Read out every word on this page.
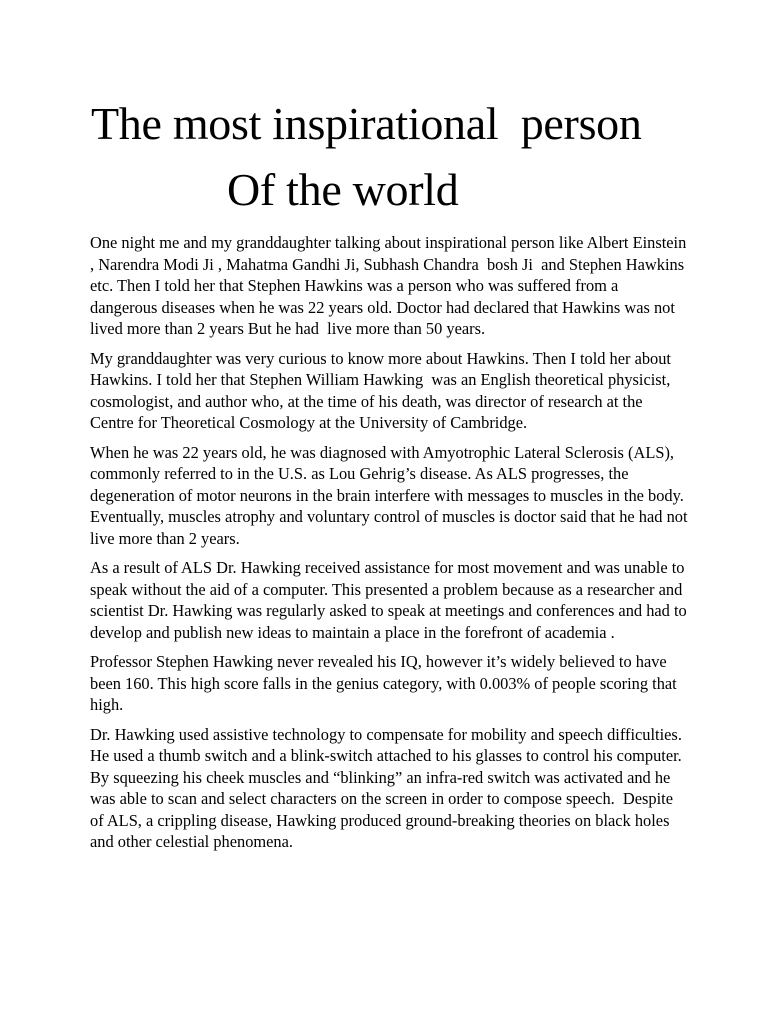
The most inspirational  person
Of the world

One night me and my granddaughter talking about inspirational person like Albert Einstein , Narendra Modi Ji , Mahatma Gandhi Ji, Subhash Chandra  bosh Ji  and Stephen Hawkins etc. Then I told her that Stephen Hawkins was a person who was suffered from a dangerous diseases when he was 22 years old. Doctor had declared that Hawkins was not lived more than 2 years But he had  live more than 50 years.

My granddaughter was very curious to know more about Hawkins. Then I told her about Hawkins. I told her that Stephen William Hawking  was an English theoretical physicist, cosmologist, and author who, at the time of his death, was director of research at the Centre for Theoretical Cosmology at the University of Cambridge.

When he was 22 years old, he was diagnosed with Amyotrophic Lateral Sclerosis (ALS), commonly referred to in the U.S. as Lou Gehrig’s disease. As ALS progresses, the degeneration of motor neurons in the brain interfere with messages to muscles in the body. Eventually, muscles atrophy and voluntary control of muscles is doctor said that he had not live more than 2 years.

As a result of ALS Dr. Hawking received assistance for most movement and was unable to speak without the aid of a computer. This presented a problem because as a researcher and scientist Dr. Hawking was regularly asked to speak at meetings and conferences and had to develop and publish new ideas to maintain a place in the forefront of academia .

Professor Stephen Hawking never revealed his IQ, however it’s widely believed to have been 160. This high score falls in the genius category, with 0.003% of people scoring that high.

Dr. Hawking used assistive technology to compensate for mobility and speech difficulties. He used a thumb switch and a blink-switch attached to his glasses to control his computer. By squeezing his cheek muscles and “blinking” an infra-red switch was activated and he was able to scan and select characters on the screen in order to compose speech.  Despite  of ALS, a crippling disease, Hawking produced ground-breaking theories on black holes and other celestial phenomena.
